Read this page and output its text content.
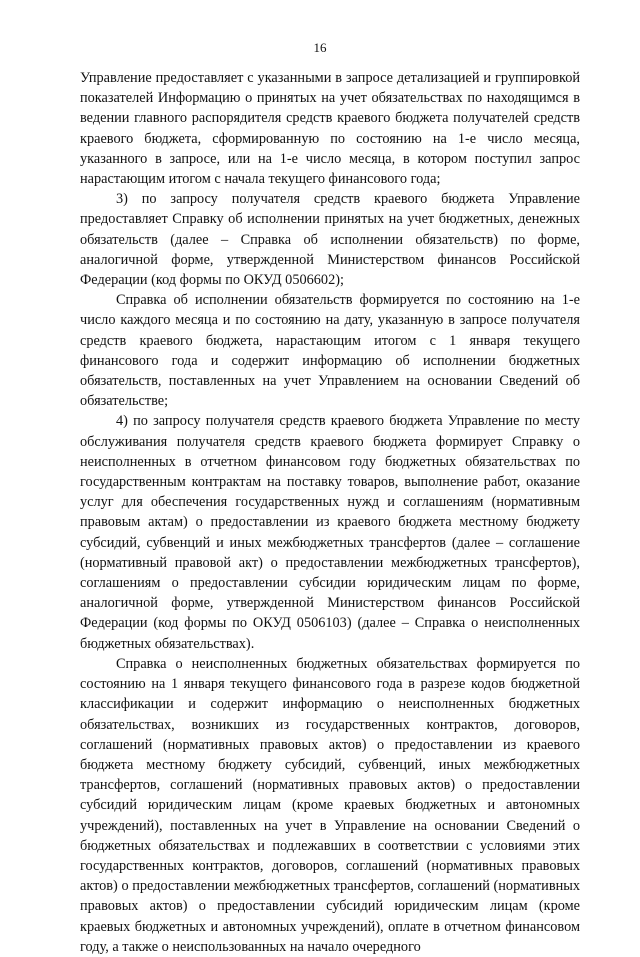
16

Управление предоставляет с указанными в запросе детализацией и группировкой показателей Информацию о принятых на учет обязательствах по находящимся в ведении главного распорядителя средств краевого бюджета получателей средств краевого бюджета, сформированную по состоянию на 1-е число месяца, указанного в запросе, или на 1-е число месяца, в котором поступил запрос нарастающим итогом с начала текущего финансового года;

3) по запросу получателя средств краевого бюджета Управление предоставляет Справку об исполнении принятых на учет бюджетных, денежных обязательств (далее – Справка об исполнении обязательств) по форме, аналогичной форме, утвержденной Министерством финансов Российской Федерации (код формы по ОКУД 0506602);

Справка об исполнении обязательств формируется по состоянию на 1-е число каждого месяца и по состоянию на дату, указанную в запросе получателя средств краевого бюджета, нарастающим итогом с 1 января текущего финансового года и содержит информацию об исполнении бюджетных обязательств, поставленных на учет Управлением на основании Сведений об обязательстве;

4) по запросу получателя средств краевого бюджета Управление по месту обслуживания получателя средств краевого бюджета формирует Справку о неисполненных в отчетном финансовом году бюджетных обязательствах по государственным контрактам на поставку товаров, выполнение работ, оказание услуг для обеспечения государственных нужд и соглашениям (нормативным правовым актам) о предоставлении из краевого бюджета местному бюджету субсидий, субвенций и иных межбюджетных трансфертов (далее – соглашение (нормативный правовой акт) о предоставлении межбюджетных трансфертов), соглашениям о предоставлении субсидии юридическим лицам по форме, аналогичной форме, утвержденной Министерством финансов Российской Федерации (код формы по ОКУД 0506103) (далее – Справка о неисполненных бюджетных обязательствах).

Справка о неисполненных бюджетных обязательствах формируется по состоянию на 1 января текущего финансового года в разрезе кодов бюджетной классификации и содержит информацию о неисполненных бюджетных обязательствах, возникших из государственных контрактов, договоров, соглашений (нормативных правовых актов) о предоставлении из краевого бюджета местному бюджету субсидий, субвенций, иных межбюджетных трансфертов, соглашений (нормативных правовых актов) о предоставлении субсидий юридическим лицам (кроме краевых бюджетных и автономных учреждений), поставленных на учет в Управление на основании Сведений о бюджетных обязательствах и подлежавших в соответствии с условиями этих государственных контрактов, договоров, соглашений (нормативных правовых актов) о предоставлении межбюджетных трансфертов, соглашений (нормативных правовых актов) о предоставлении субсидий юридическим лицам (кроме краевых бюджетных и автономных учреждений), оплате в отчетном финансовом году, а также о неиспользованных на начало очередного
